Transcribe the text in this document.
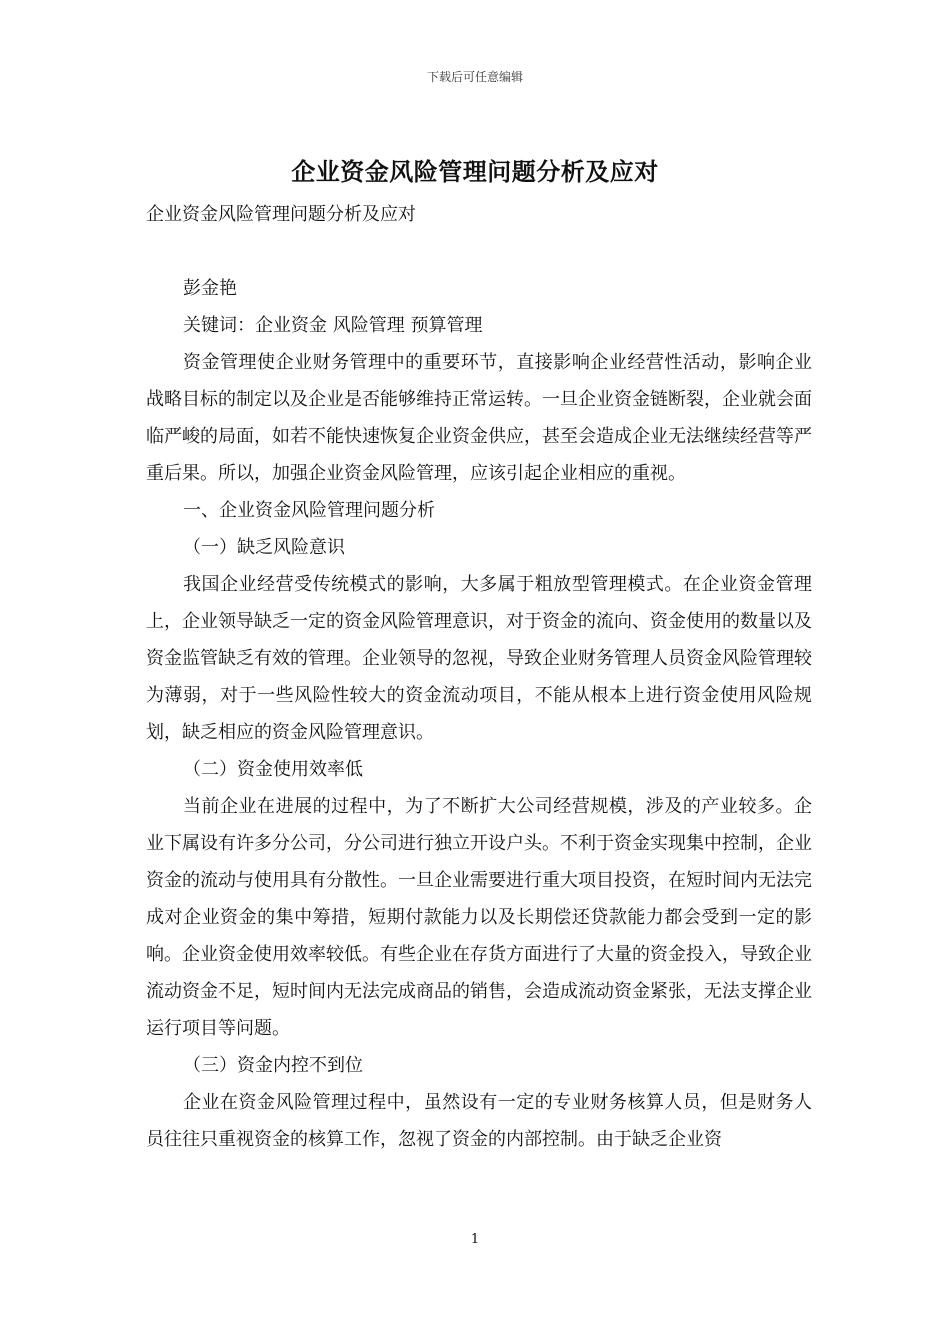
下载后可任意编辑
企业资金风险管理问题分析及应对

企业资金风险管理问题分析及应对

彭金艳

关键词：企业资金 风险管理 预算管理

资金管理使企业财务管理中的重要环节，直接影响企业经营性活动，影响企业战略目标的制定以及企业是否能够维持正常运转。一旦企业资金链断裂，企业就会面临严峻的局面，如若不能快速恢复企业资金供应，甚至会造成企业无法继续经营等严重后果。所以，加强企业资金风险管理，应该引起企业相应的重视。

一、企业资金风险管理问题分析

（一）缺乏风险意识

我国企业经营受传统模式的影响，大多属于粗放型管理模式。在企业资金管理上，企业领导缺乏一定的资金风险管理意识，对于资金的流向、资金使用的数量以及资金监管缺乏有效的管理。企业领导的忽视，导致企业财务管理人员资金风险管理较为薄弱，对于一些风险性较大的资金流动项目，不能从根本上进行资金使用风险规划，缺乏相应的资金风险管理意识。

（二）资金使用效率低

当前企业在进展的过程中，为了不断扩大公司经营规模，涉及的产业较多。企业下属设有许多分公司，分公司进行独立开设户头。不利于资金实现集中控制，企业资金的流动与使用具有分散性。一旦企业需要进行重大项目投资，在短时间内无法完成对企业资金的集中筹措，短期付款能力以及长期偿还贷款能力都会受到一定的影响。企业资金使用效率较低。有些企业在存货方面进行了大量的资金投入，导致企业流动资金不足，短时间内无法完成商品的销售，会造成流动资金紧张，无法支撑企业运行项目等问题。

（三）资金内控不到位

企业在资金风险管理过程中，虽然设有一定的专业财务核算人员，但是财务人员往往只重视资金的核算工作，忽视了资金的内部控制。由于缺乏企业资

1
